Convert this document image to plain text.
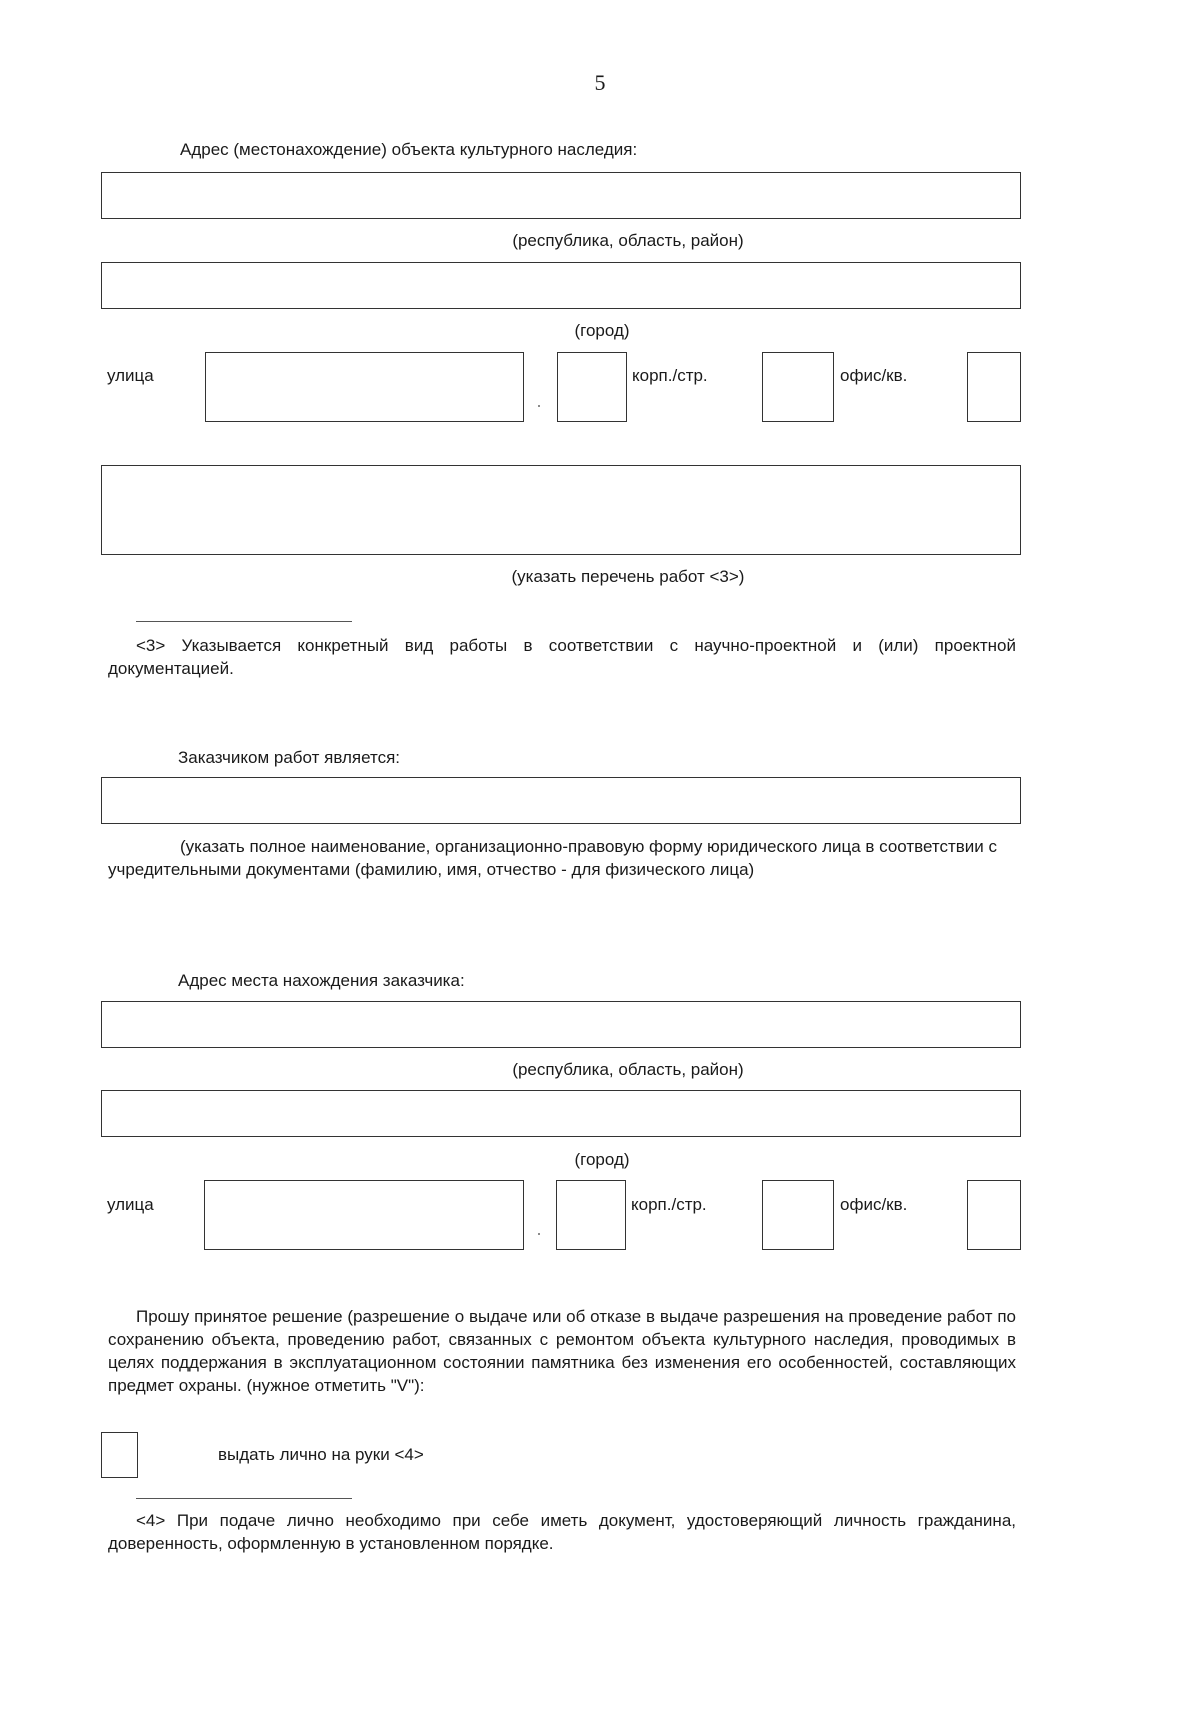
5
Адрес (местонахождение) объекта культурного наследия:
(республика, область, район)
(город)
улица	корп./стр.	офис/кв.
(указать перечень работ <3>)
<3> Указывается конкретный вид работы в соответствии с научно-проектной и (или) проектной документацией.
Заказчиком работ является:
(указать полное наименование, организационно-правовую форму юридического лица в соответствии с учредительными документами (фамилию, имя, отчество - для физического лица)
Адрес места нахождения заказчика:
(республика, область, район)
(город)
улица	корп./стр.	офис/кв.
Прошу принятое решение (разрешение о выдаче или об отказе в выдаче разрешения на проведение работ по сохранению объекта, проведению работ, связанных с ремонтом объекта культурного наследия, проводимых в целях поддержания в эксплуатационном состоянии памятника без изменения его особенностей, составляющих предмет охраны. (нужное отметить "V"):
выдать лично на руки <4>
<4> При подаче лично необходимо при себе иметь документ, удостоверяющий личность гражданина, доверенность, оформленную в установленном порядке.
